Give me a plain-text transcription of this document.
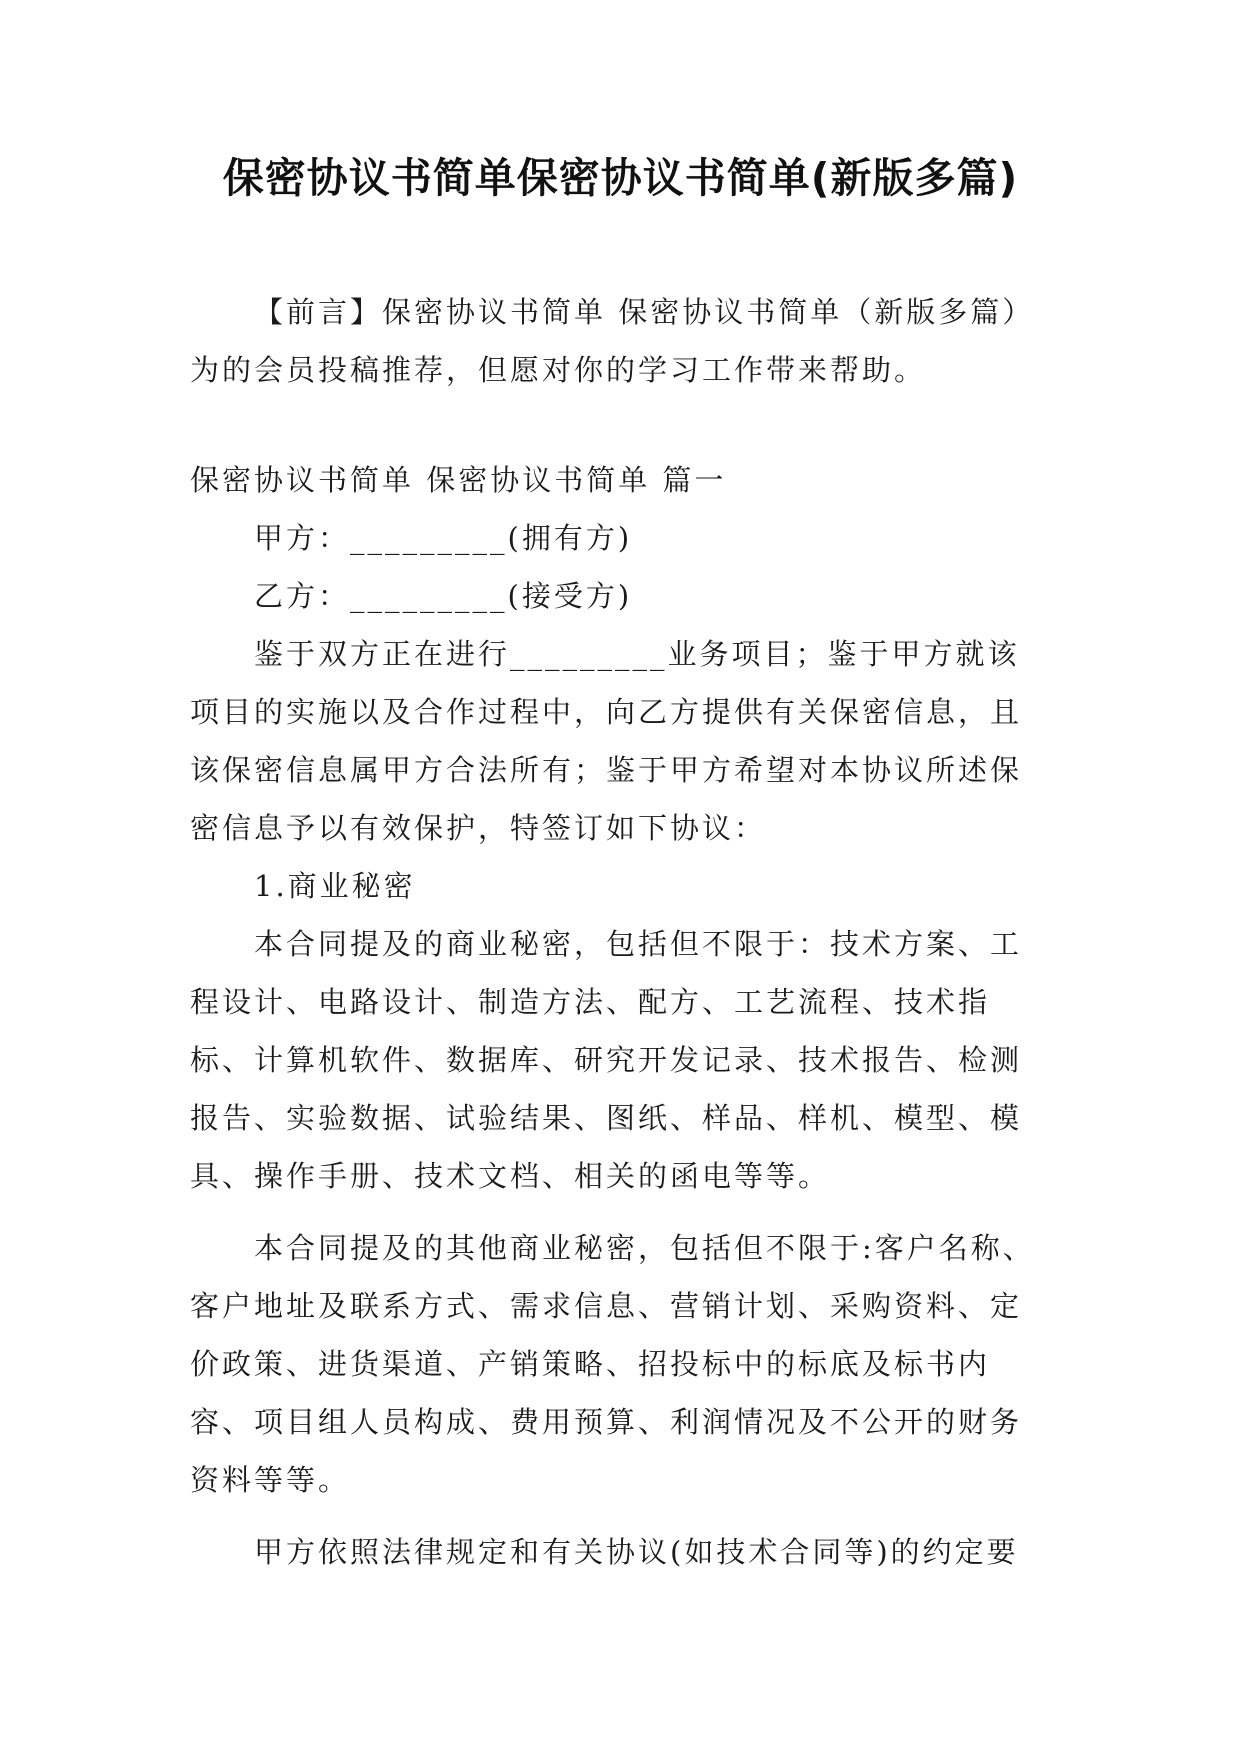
保密协议书简单保密协议书简单(新版多篇)

【前言】保密协议书简单 保密协议书简单（新版多篇）为的会员投稿推荐，但愿对你的学习工作带来帮助。

保密协议书简单 保密协议书简单 篇一

甲方：_________(拥有方)

乙方：_________(接受方)

鉴于双方正在进行_________业务项目；鉴于甲方就该项目的实施以及合作过程中，向乙方提供有关保密信息，且该保密信息属甲方合法所有；鉴于甲方希望对本协议所述保密信息予以有效保护，特签订如下协议：

1.商业秘密

本合同提及的商业秘密，包括但不限于：技术方案、工程设计、电路设计、制造方法、配方、工艺流程、技术指标、计算机软件、数据库、研究开发记录、技术报告、检测报告、实验数据、试验结果、图纸、样品、样机、模型、模具、操作手册、技术文档、相关的函电等等。

本合同提及的其他商业秘密，包括但不限于:客户名称、客户地址及联系方式、需求信息、营销计划、采购资料、定价政策、进货渠道、产销策略、招投标中的标底及标书内容、项目组人员构成、费用预算、利润情况及不公开的财务资料等等。

甲方依照法律规定和有关协议(如技术合同等)的约定要
